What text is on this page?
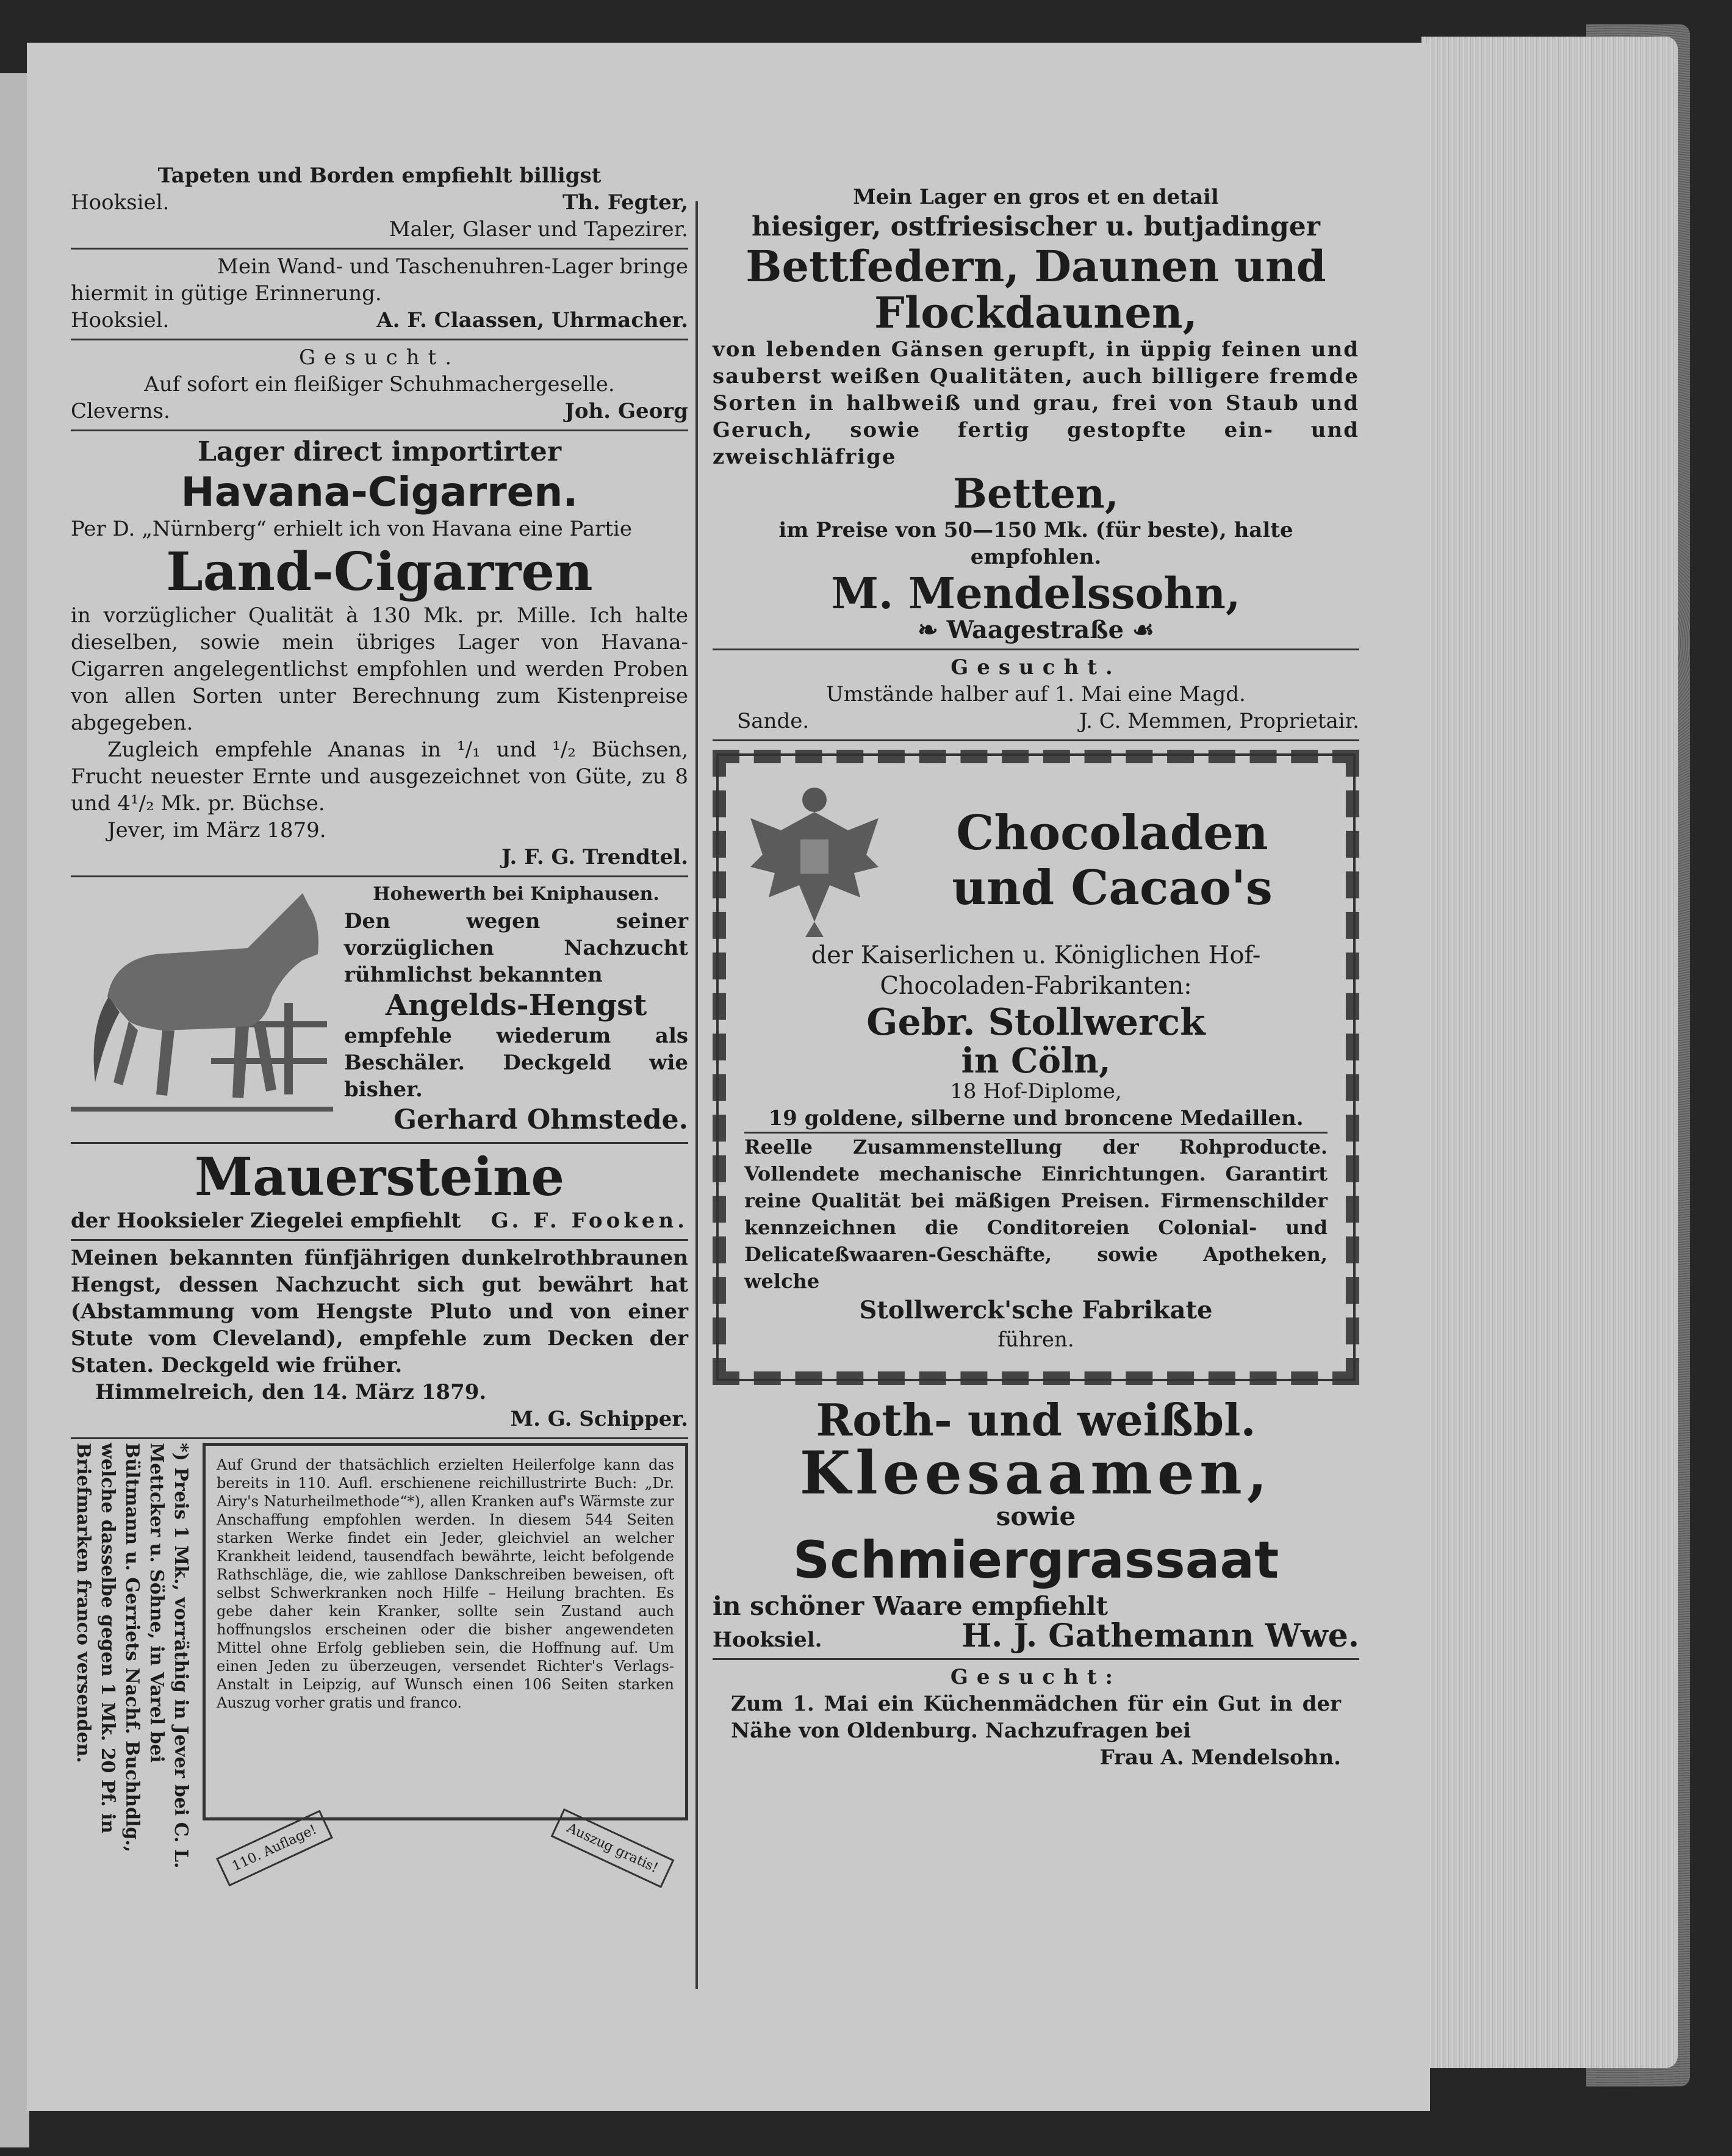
Tapeten und Borden empfiehlt billigst
Hooksiel.	Th. Fegter,
Maler, Glaser und Tapezirer.
Mein Wand- und Taschenuhren-Lager bringe
hiermit in gütige Erinnerung.
Hooksiel.	A. F. Claassen, Uhrmacher.
Gesucht.
Auf sofort ein fleißiger Schuhmachergeselle.
Clevernѕ.	Joh. Georg
Lager direct importirter
Havana-Cigarren.
Per D. „Nürnberg“ erhielt ich von Havana eine Partie
Land-Cigarren
in vorzüglicher Qualität à 130 Mk. pr. Mille. Ich halte dieselben, sowie mein übriges Lager von Havana-Cigarren angelegentlichst empfohlen und werden Proben von allen Sorten unter Berechnung zum Kistenpreise abgegeben.
Zugleich empfehle Ananas in ¹/₁ und ¹/₂ Büchsen, Frucht neuester Ernte und ausgezeichnet von Güte, zu 8 und 4¹/₂ Mk. pr. Büchse.
Jever, im März 1879.
J. F. G. Trendtel.
Hohewerth bei Kniphausen.
Den wegen seiner vorzüglichen Nachzucht rühmlichst bekannten
Angelds-Hengst
empfehle wiederum als Beschäler. Deckgeld wie bisher.
Gerhard Ohmstede.
Mauersteine
der Hooksieler Ziegelei empfiehlt G. F. Fooken.
Meinen bekannten fünfjährigen dunkelrothbraunen Hengst, dessen Nachzucht sich gut bewährt hat (Abstammung vom Hengste Pluto und von einer Stute vom Cleveland), empfehle zum Decken der Staten. Deckgeld wie früher.
Himmelreich, den 14. März 1879.
M. G. Schipper.
*) Preis 1 Mk., vorräthig in Jever bei C. L. Mettcker u. Söhne, in Varel bei Bültmann u. Gerriets Nachf. Buchhdlg., welche dasselbe gegen 1 Mk. 20 Pf. in Briefmarken franco versenden.	Auf Grund der thatsächlich erzielten Heilerfolge kann das bereits in 110. Aufl. erschienene reichillustrirte Buch: „Dr. Airy's Naturheilmethode“*), allen Kranken auf's Wärmste zur Anschaffung empfohlen werden. In diesem 544 Seiten starken Werke findet ein Jeder, gleichviel an welcher Krankheit leidend, tausendfach bewährte, leicht befolgende Rathschläge, die, wie zahllose Dankschreiben beweisen, oft selbst Schwerkranken noch Hilfe – Heilung brachten. Es gebe daher kein Kranker, sollte sein Zustand auch hoffnungslos erscheinen oder die bisher angewendeten Mittel ohne Erfolg geblieben sein, die Hoffnung auf. Um einen Jeden zu überzeugen, versendet Richter's Verlags-Anstalt in Leipzig, auf Wunsch einen 106 Seiten starken Auszug vorher gratis und franco.
110. Auflage!	Auszug gratis!
Mein Lager en gros et en detail
hiesiger, ostfriesischer u. butjadinger
Bettfedern, Daunen und Flockdaunen,
von lebenden Gänsen gerupft, in üppig feinen und sauberst weißen Qualitäten, auch billigere fremde Sorten in halbweiß und grau, frei von Staub und Geruch, sowie fertig gestopfte ein- und zweischläfrige
Betten,
im Preise von 50—150 Mk. (für beste), halte empfohlen.
M. Mendelssohn,
❧ Waagestraße ☙
Gesucht.
Umstände halber auf 1. Mai eine Magd.
Sande.	J. C. Memmen, Proprietair.
Chocoladen
und Cacao's
der Kaiserlichen u. Königlichen Hof-Chocoladen-Fabrikanten:
Gebr. Stollwerck
in Cöln,
18 Hof-Diplome,
19 goldene, silberne und broncene Medaillen.
Reelle Zusammenstellung der Rohproducte. Vollendete mechanische Einrichtungen. Garantirt reine Qualität bei mäßigen Preisen. Firmenschilder kennzeichnen die Conditoreien Colonial- und Delicateßwaaren-Geschäfte, sowie Apotheken, welche
Stollwerck'sche Fabrikate
führen.
Roth- und weißbl.
Kleesaamen,
sowie
Schmiergrassaat
in schöner Waare empfiehlt
Hooksiel.	H. J. Gathemann Wwe.
Gesucht:
Zum 1. Mai ein Küchenmädchen für ein Gut in der Nähe von Oldenburg. Nachzufragen bei
Frau A. Mendelsohn.
